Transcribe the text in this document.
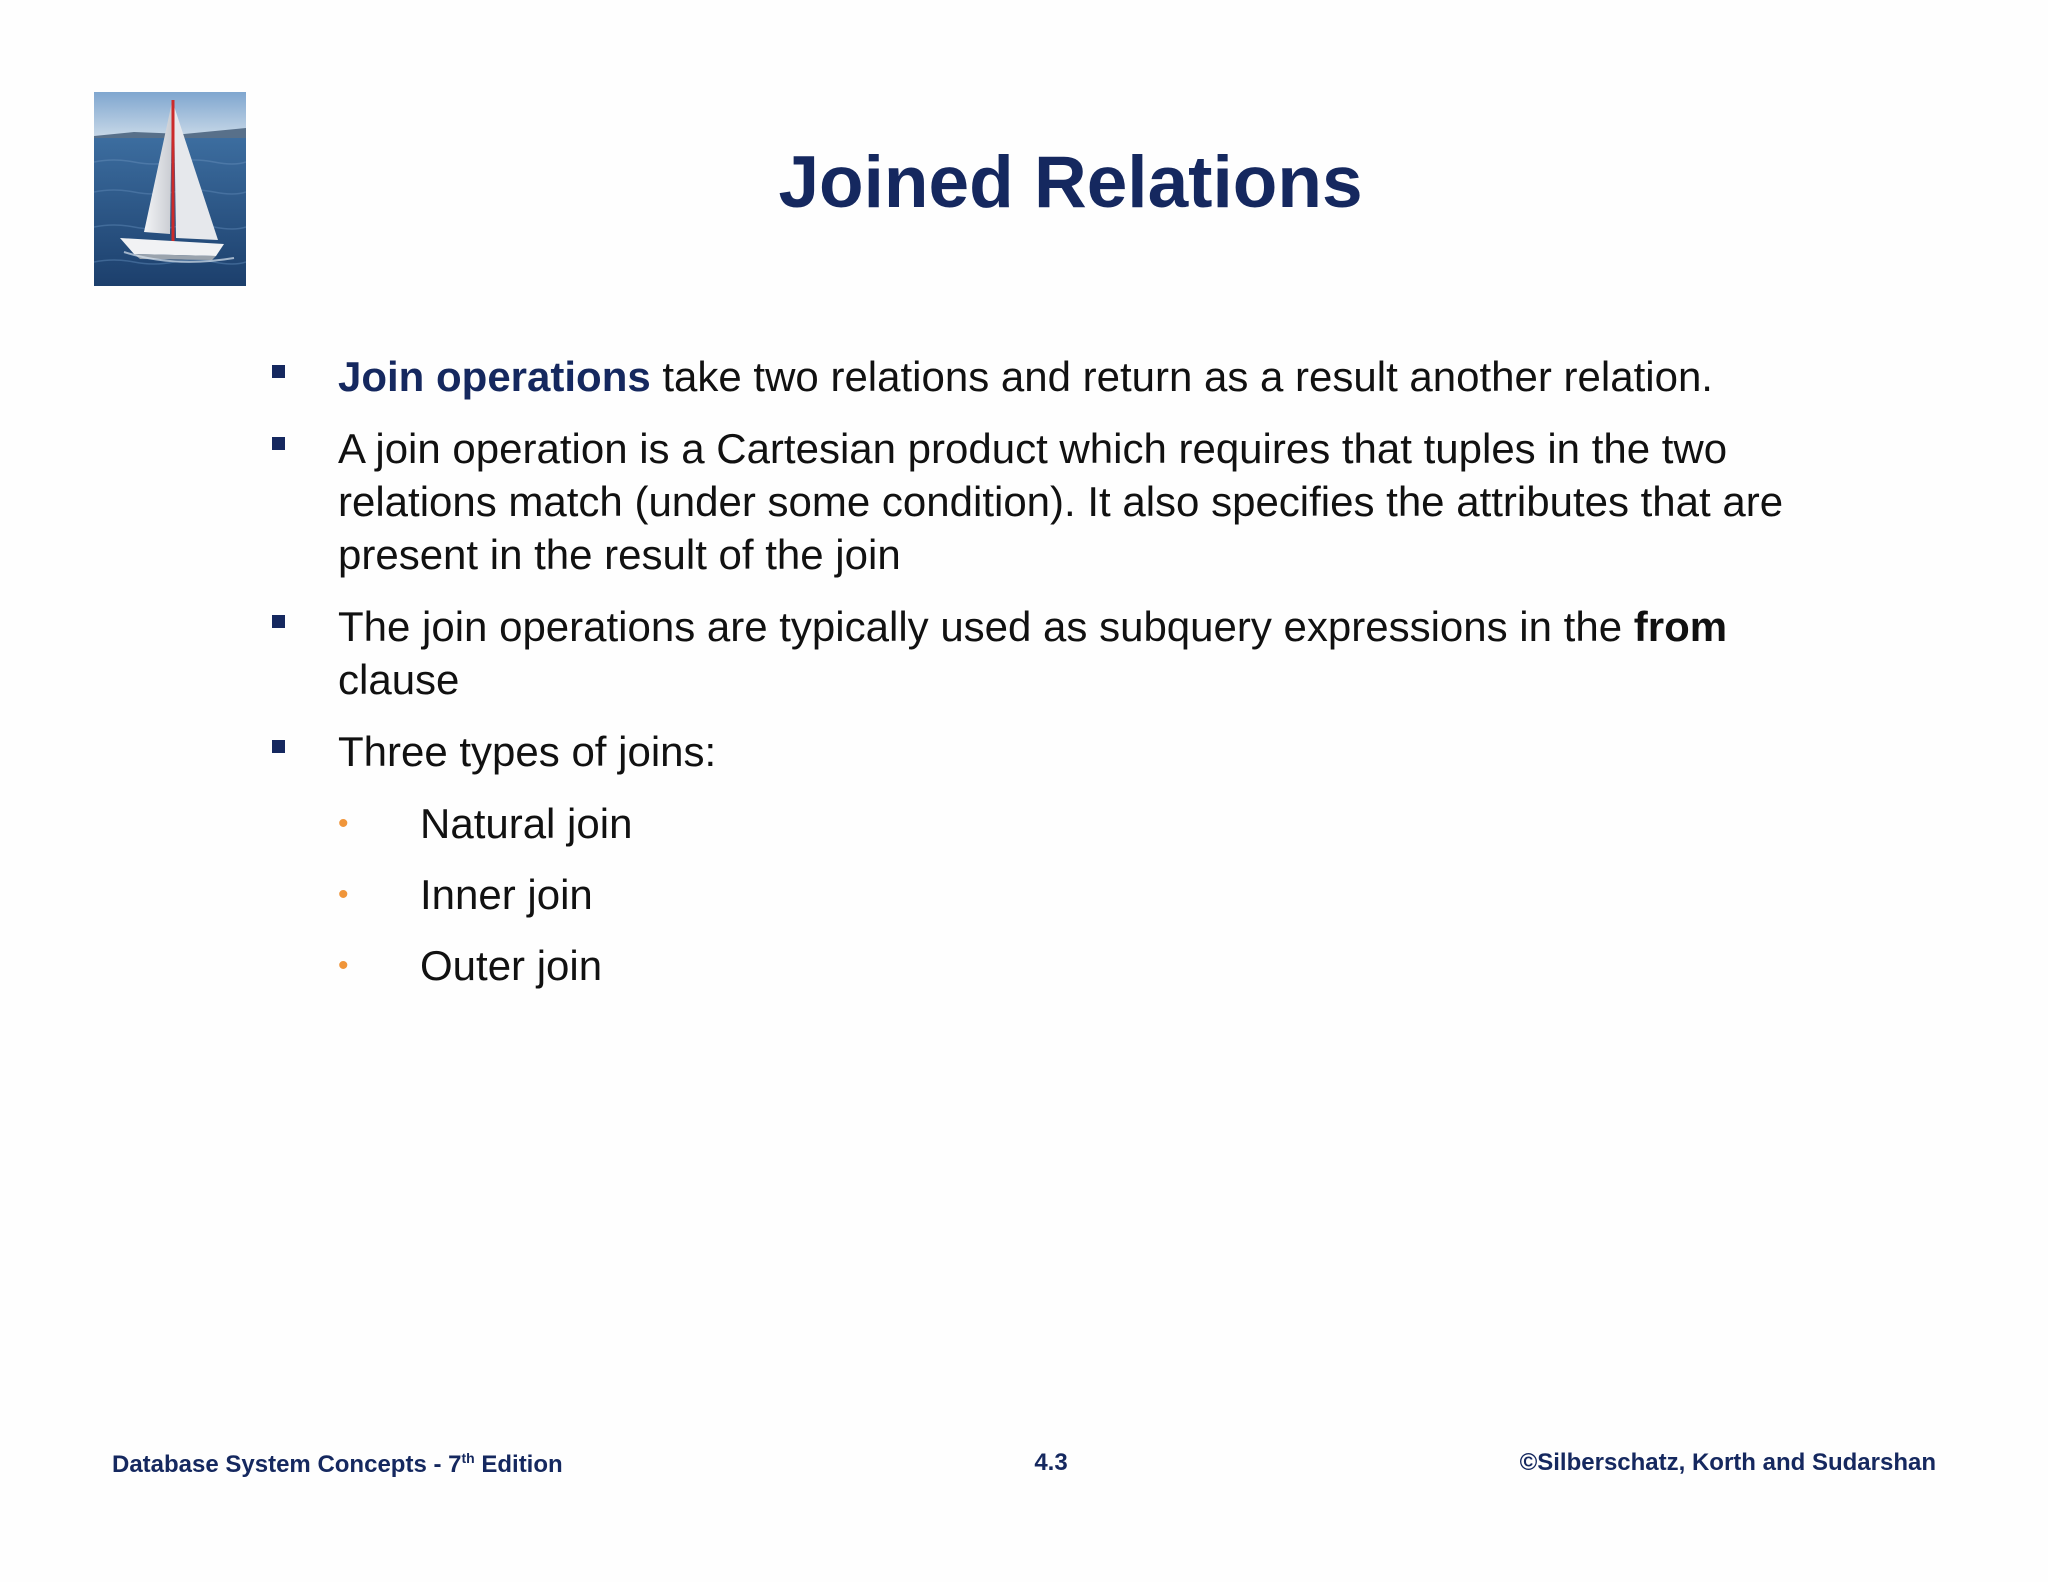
Joined Relations
Join operations take two relations and return as a result another relation.
A join operation is a Cartesian product which requires that tuples in the two relations match (under some condition). It also specifies the attributes that are present in the result of the join
The join operations are typically used as subquery expressions in the from clause
Three types of joins:
• Natural join
• Inner join
• Outer join
Database System Concepts - 7th Edition	4.3	©Silberschatz, Korth and Sudarshan
